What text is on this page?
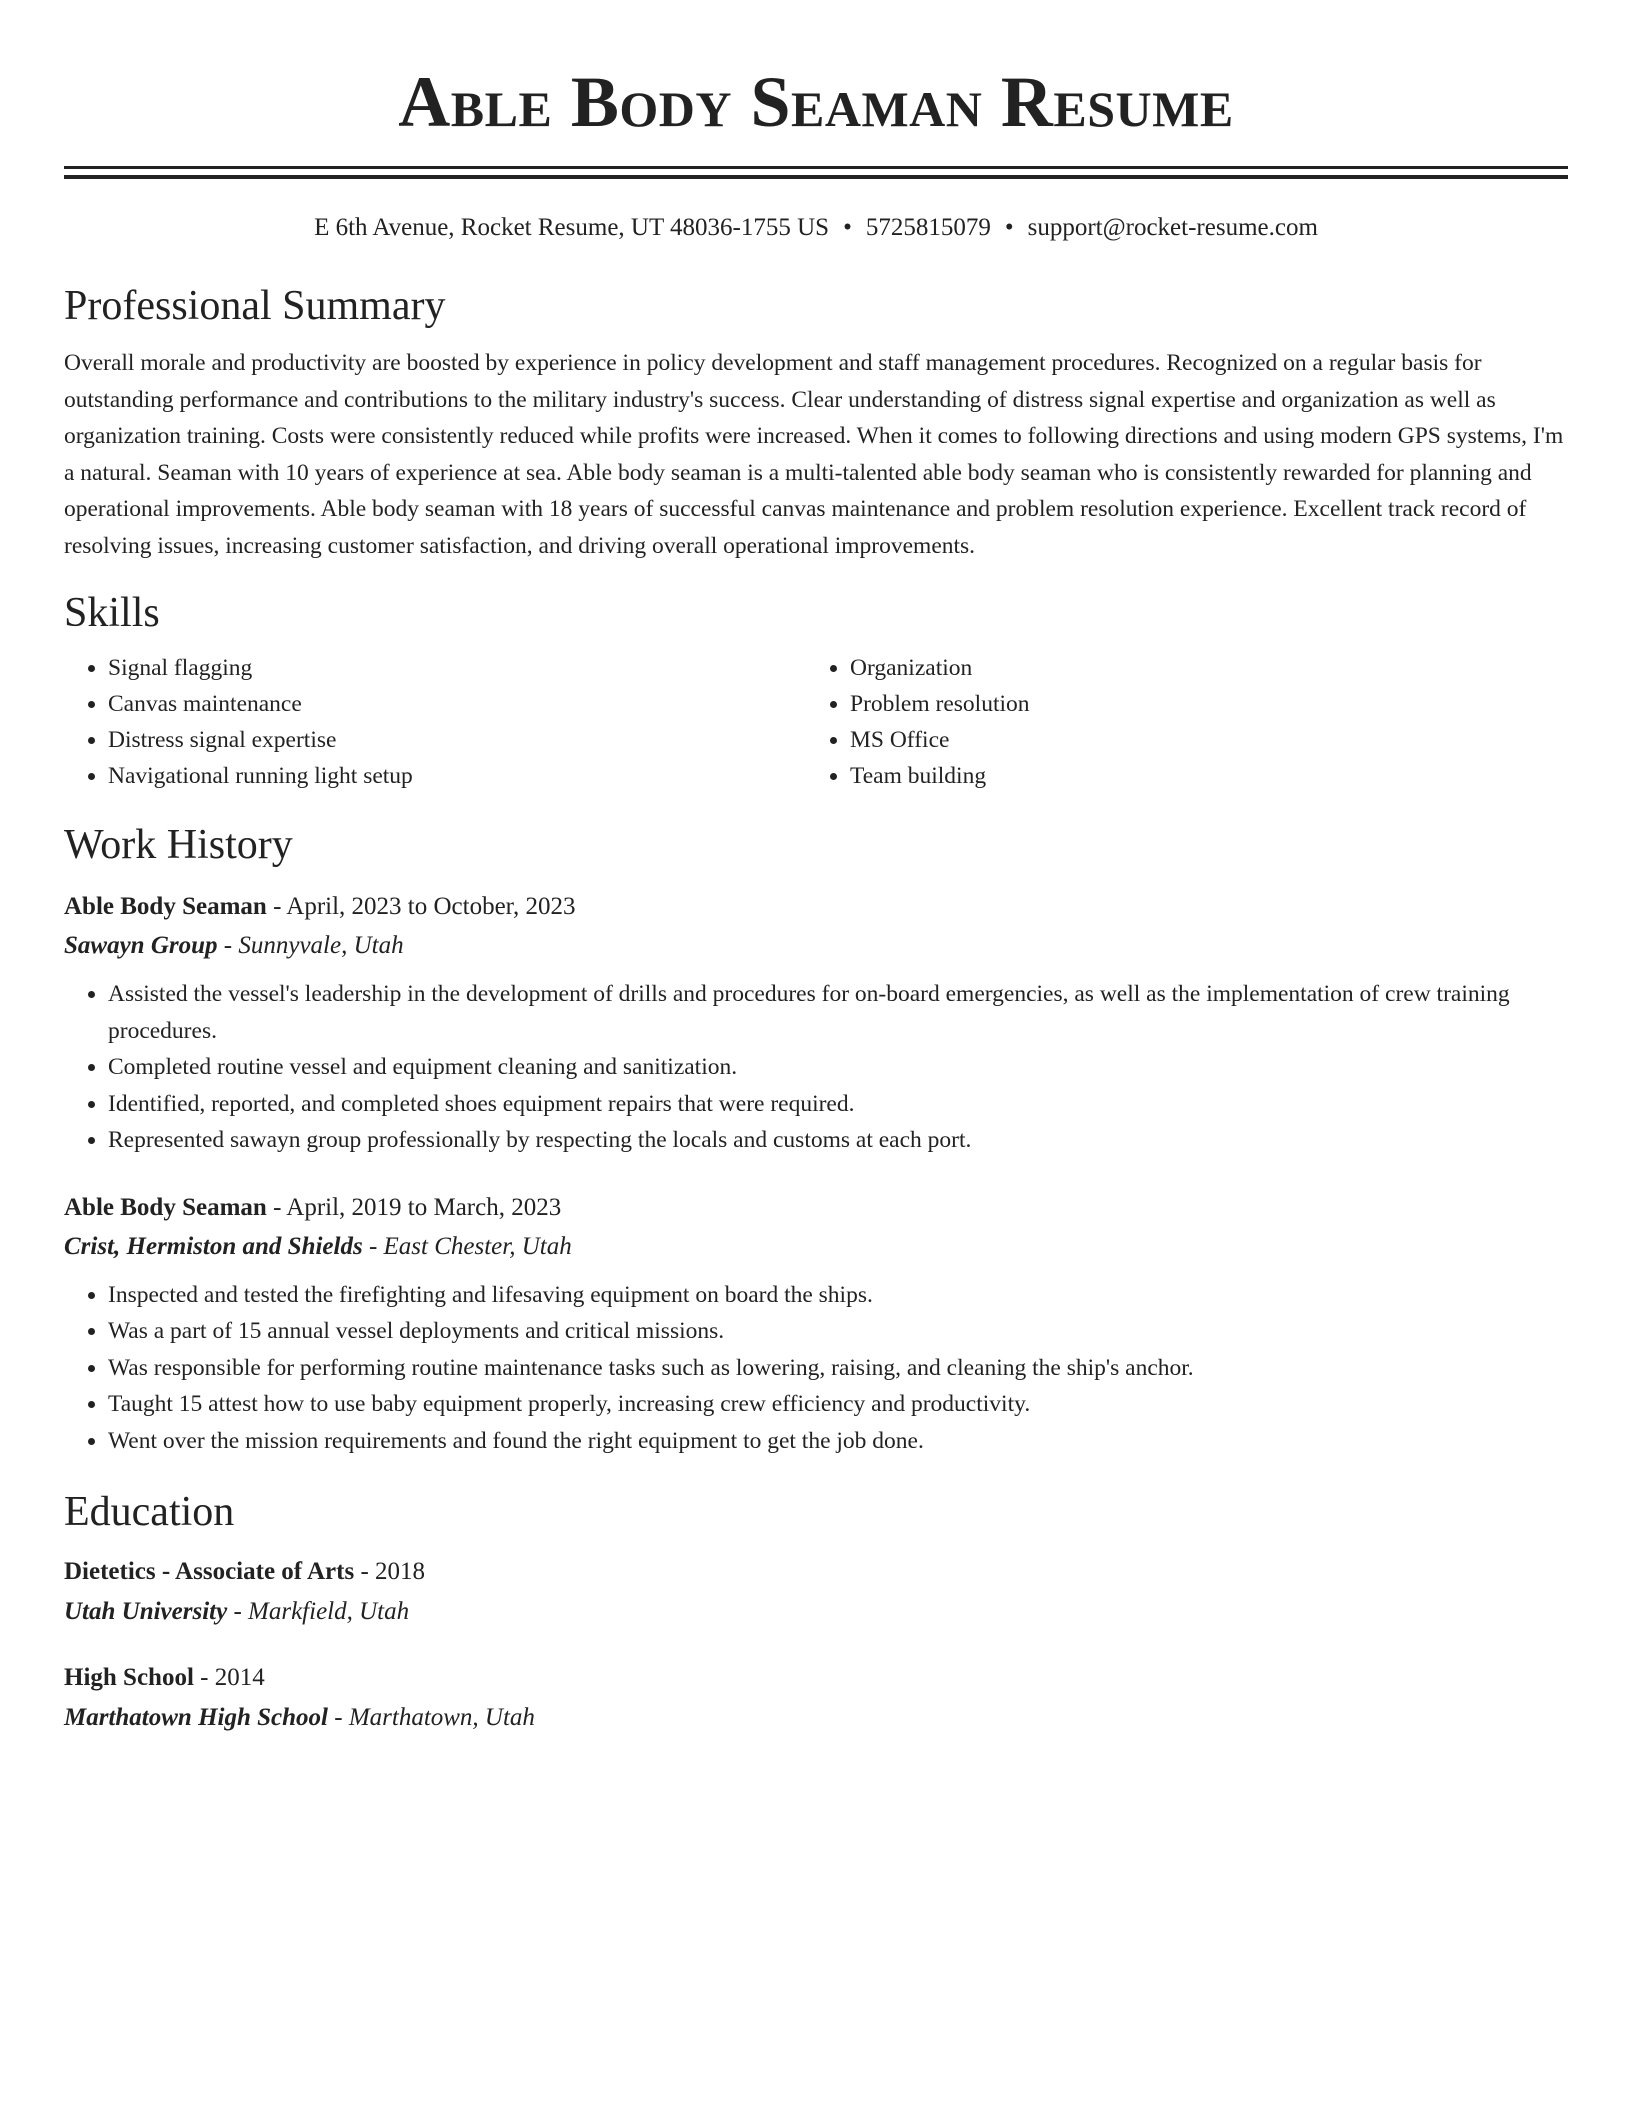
Able Body Seaman Resume
E 6th Avenue, Rocket Resume, UT 48036-1755 US • 5725815079 • support@rocket-resume.com
Professional Summary

Overall morale and productivity are boosted by experience in policy development and staff management procedures. Recognized on a regular basis for outstanding performance and contributions to the military industry's success. Clear understanding of distress signal expertise and organization as well as organization training. Costs were consistently reduced while profits were increased. When it comes to following directions and using modern GPS systems, I'm a natural. Seaman with 10 years of experience at sea. Able body seaman is a multi-talented able body seaman who is consistently rewarded for planning and operational improvements. Able body seaman with 18 years of successful canvas maintenance and problem resolution experience. Excellent track record of resolving issues, increasing customer satisfaction, and driving overall operational improvements.

Skills
• Signal flagging
• Canvas maintenance
• Distress signal expertise
• Navigational running light setup
• Organization
• Problem resolution
• MS Office
• Team building
Work History
Able Body Seaman - April, 2023 to October, 2023
Sawayn Group - Sunnyvale, Utah
• Assisted the vessel's leadership in the development of drills and procedures for on-board emergencies, as well as the implementation of crew training procedures.
• Completed routine vessel and equipment cleaning and sanitization.
• Identified, reported, and completed shoes equipment repairs that were required.
• Represented sawayn group professionally by respecting the locals and customs at each port.
Able Body Seaman - April, 2019 to March, 2023
Crist, Hermiston and Shields - East Chester, Utah
• Inspected and tested the firefighting and lifesaving equipment on board the ships.
• Was a part of 15 annual vessel deployments and critical missions.
• Was responsible for performing routine maintenance tasks such as lowering, raising, and cleaning the ship's anchor.
• Taught 15 attest how to use baby equipment properly, increasing crew efficiency and productivity.
• Went over the mission requirements and found the right equipment to get the job done.
Education
Dietetics - Associate of Arts - 2018
Utah University - Markfield, Utah
High School - 2014
Marthatown High School - Marthatown, Utah
